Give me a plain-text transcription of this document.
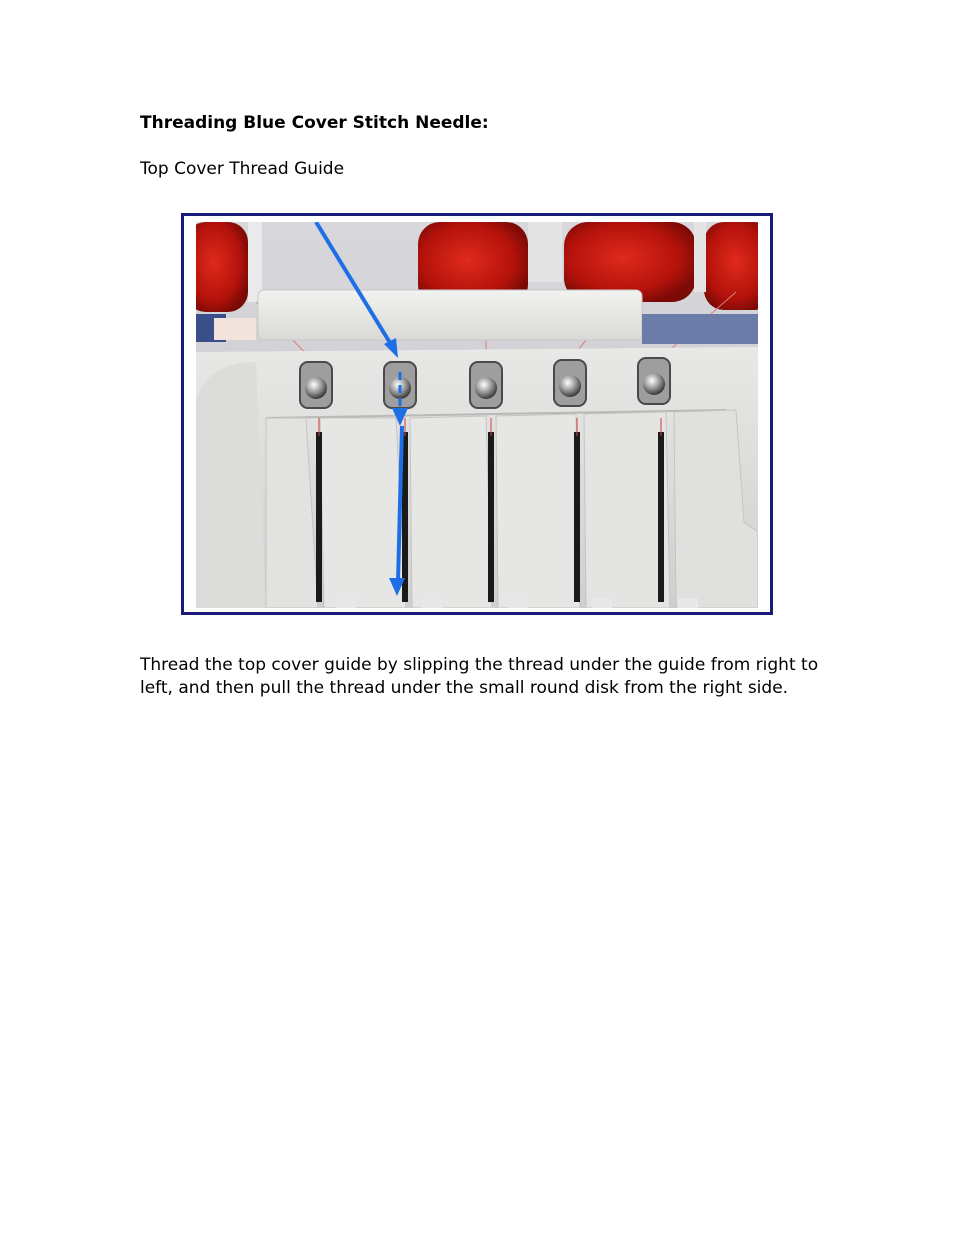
Threading Blue Cover Stitch Needle:
Top Cover Thread Guide
Thread the top cover guide by slipping the thread under the guide from right to left, and then pull the thread under the small round disk from the right side.
